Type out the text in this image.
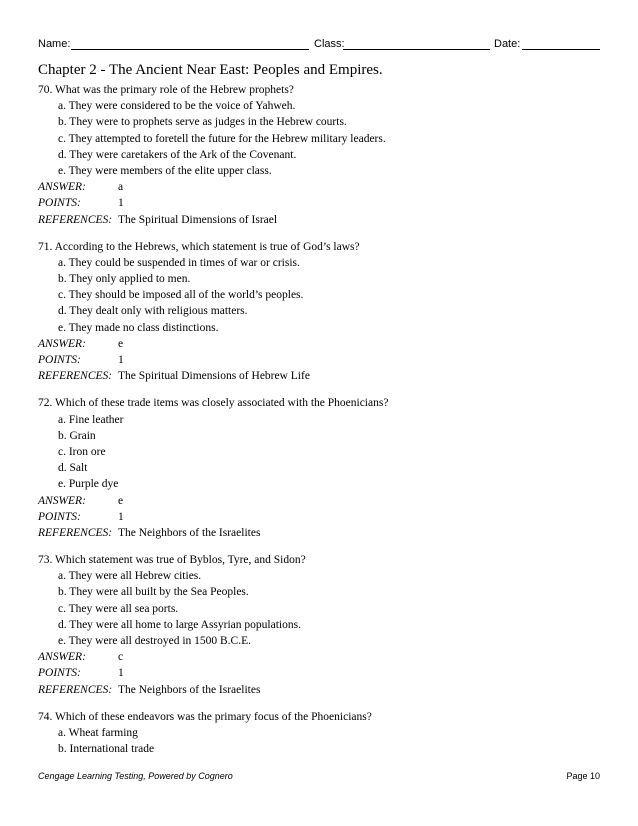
Name:	Class:	Date:
Chapter 2 - The Ancient Near East: Peoples and Empires.
70. What was the primary role of the Hebrew prophets?
a. They were considered to be the voice of Yahweh.
b. They were to prophets serve as judges in the Hebrew courts.
c. They attempted to foretell the future for the Hebrew military leaders.
d. They were caretakers of the Ark of the Covenant.
e. They were members of the elite upper class.
ANSWER:	a
POINTS:	1
REFERENCES: The Spiritual Dimensions of Israel
71. According to the Hebrews, which statement is true of God’s laws?
a. They could be suspended in times of war or crisis.
b. They only applied to men.
c. They should be imposed all of the world’s peoples.
d. They dealt only with religious matters.
e. They made no class distinctions.
ANSWER:	e
POINTS:	1
REFERENCES: The Spiritual Dimensions of Hebrew Life
72. Which of these trade items was closely associated with the Phoenicians?
a. Fine leather
b. Grain
c. Iron ore
d. Salt
e. Purple dye
ANSWER:	e
POINTS:	1
REFERENCES: The Neighbors of the Israelites
73. Which statement was true of Byblos, Tyre, and Sidon?
a. They were all Hebrew cities.
b. They were all built by the Sea Peoples.
c. They were all sea ports.
d. They were all home to large Assyrian populations.
e. They were all destroyed in 1500 B.C.E.
ANSWER:	c
POINTS:	1
REFERENCES: The Neighbors of the Israelites
74. Which of these endeavors was the primary focus of the Phoenicians?
a. Wheat farming
b. International trade
Cengage Learning Testing, Powered by Cognero	Page 10
